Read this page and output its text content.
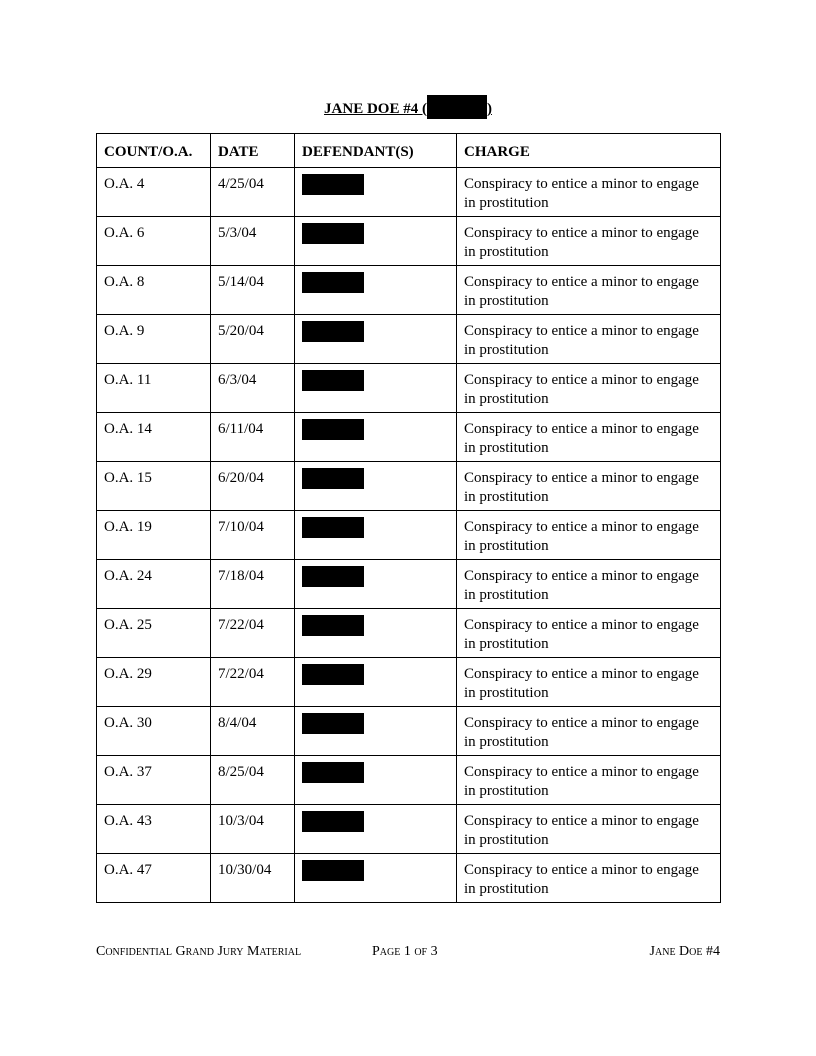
JANE DOE #4 (	)
COUNT/O.A.	DATE	DEFENDANT(S)	CHARGE
O.A. 4	4/25/04		Conspiracy to entice a minor to engage in prostitution
O.A. 6	5/3/04		Conspiracy to entice a minor to engage in prostitution
O.A. 8	5/14/04		Conspiracy to entice a minor to engage in prostitution
O.A. 9	5/20/04		Conspiracy to entice a minor to engage in prostitution
O.A. 11	6/3/04		Conspiracy to entice a minor to engage in prostitution
O.A. 14	6/11/04		Conspiracy to entice a minor to engage in prostitution
O.A. 15	6/20/04		Conspiracy to entice a minor to engage in prostitution
O.A. 19	7/10/04		Conspiracy to entice a minor to engage in prostitution
O.A. 24	7/18/04		Conspiracy to entice a minor to engage in prostitution
O.A. 25	7/22/04		Conspiracy to entice a minor to engage in prostitution
O.A. 29	7/22/04		Conspiracy to entice a minor to engage in prostitution
O.A. 30	8/4/04		Conspiracy to entice a minor to engage in prostitution
O.A. 37	8/25/04		Conspiracy to entice a minor to engage in prostitution
O.A. 43	10/3/04		Conspiracy to entice a minor to engage in prostitution
O.A. 47	10/30/04		Conspiracy to entice a minor to engage in prostitution
Confidential Grand Jury Material	Page 1 of 3	Jane Doe #4
